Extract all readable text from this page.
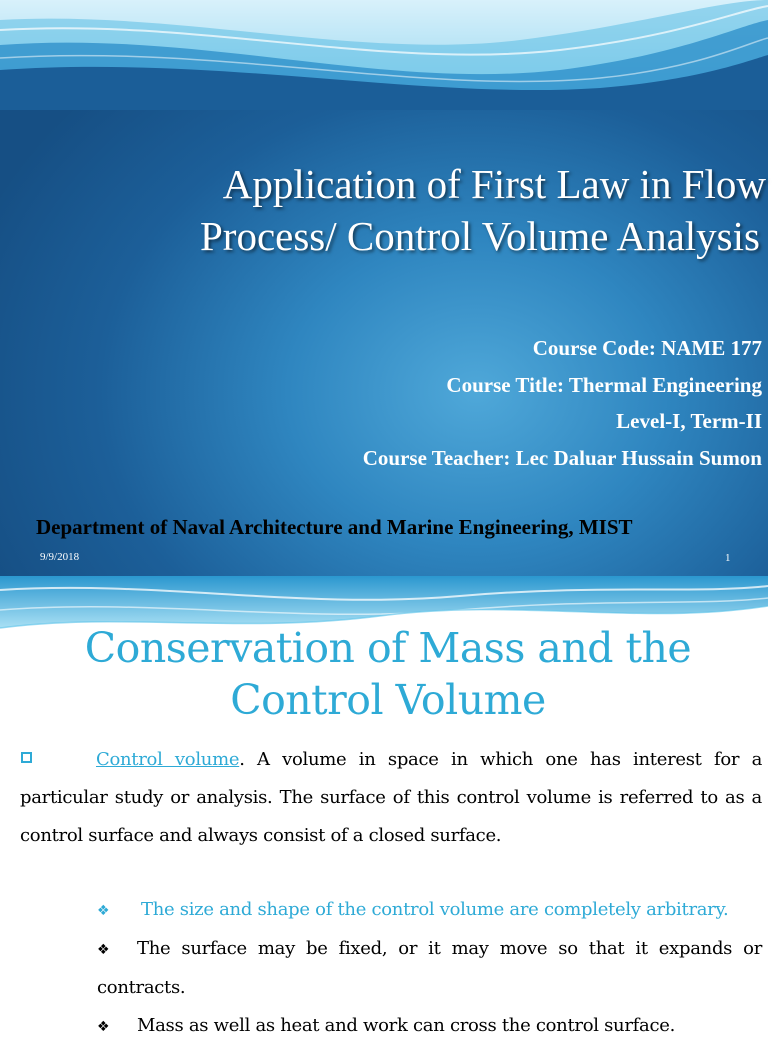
Application of First Law in Flow
Process/ Control Volume Analysis
Course Code: NAME 177
Course Title: Thermal Engineering
Level-I, Term-II
Course Teacher: Lec Daluar Hussain Sumon
Department of Naval Architecture and Marine Engineering, MIST
9/9/2018	1
Conservation of Mass and the
Control Volume

Control volume. A volume in space in which one has interest for a particular study or analysis. The surface of this control volume is referred to as a control surface and always consist of a closed surface.

❖ The size and shape of the control volume are completely arbitrary.
❖ The surface may be fixed, or it may move so that it expands or contracts.
❖ Mass as well as heat and work can cross the control surface.
